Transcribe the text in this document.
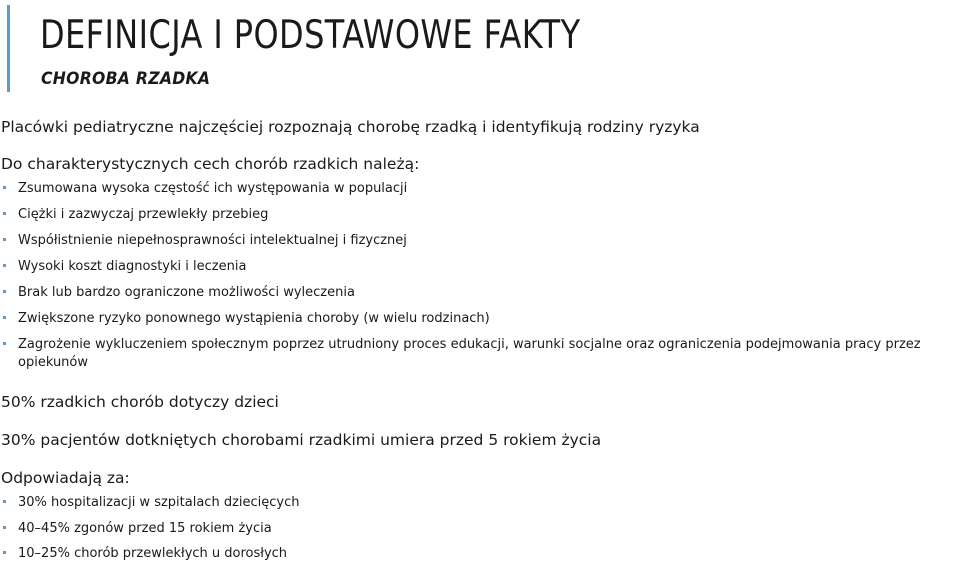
DEFINICJA I PODSTAWOWE FAKTY
CHOROBA RZADKA

Placówki pediatryczne najczęściej rozpoznają chorobę rzadką i identyfikują rodziny ryzyka

Do charakterystycznych cech chorób rzadkich należą:

Zsumowana wysoka częstość ich występowania w populacji
Ciężki i zazwyczaj przewlekły przebieg
Współistnienie niepełnosprawności intelektualnej i fizycznej
Wysoki koszt diagnostyki i leczenia
Brak lub bardzo ograniczone możliwości wyleczenia
Zwiększone ryzyko ponownego wystąpienia choroby (w wielu rodzinach)
Zagrożenie wykluczeniem społecznym poprzez utrudniony proces edukacji, warunki socjalne oraz ograniczenia podejmowania pracy przez
opiekunów

50% rzadkich chorób dotyczy dzieci

30% pacjentów dotkniętych chorobami rzadkimi umiera przed 5 rokiem życia

Odpowiadają za:

30% hospitalizacji w szpitalach dziecięcych
40–45% zgonów przed 15 rokiem życia
10–25% chorób przewlekłych u dorosłych
